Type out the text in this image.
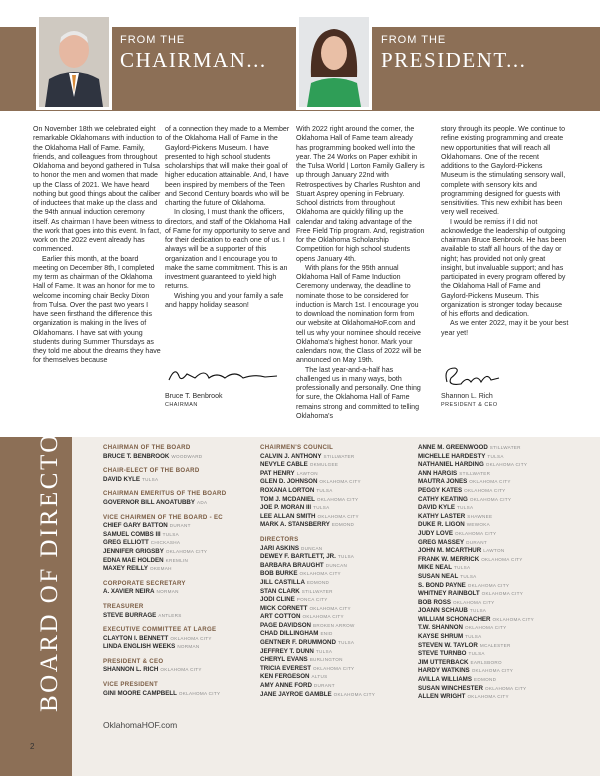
FROM THE
CHAIRMAN...
FROM THE
PRESIDENT...

On November 18th we celebrated eight remarkable Oklahomans with induction to the Oklahoma Hall of Fame. Family, friends, and colleagues from throughout Oklahoma and beyond gathered in Tulsa to honor the men and women that made up the Class of 2021. We have heard nothing but good things about the caliber of inductees that make up the class and the 94th annual induction ceremony itself. As chairman I have been witness to the work that goes into this event. In fact, work on the 2022 event already has commenced.

Earlier this month, at the board meeting on December 8th, I completed my term as chairman of the Oklahoma Hall of Fame. It was an honor for me to welcome incoming chair Becky Dixon from Tulsa. Over the past two years I have seen firsthand the difference this organization is making in the lives of Oklahomans. I have sat with young students during Summer Thursdays as they told me about the dreams they have for themselves because

of a connection they made to a Member of the Oklahoma Hall of Fame in the Gaylord-Pickens Museum. I have presented to high school students scholarships that will make their goal of higher education attainable. And, I have been inspired by members of the Teen and Second Century boards who will be charting the future of Oklahoma.

In closing, I must thank the officers, directors, and staff of the Oklahoma Hall of Fame for my opportunity to serve and for their dedication to each one of us. I always will be a supporter of this organization and I encourage you to make the same commitment. This is an investment guaranteed to yield high returns.

Wishing you and your family a safe and happy holiday season!

With 2022 right around the corner, the Oklahoma Hall of Fame team already has programming booked well into the year. The 24 Works on Paper exhibit in the Tulsa World | Lorton Family Gallery is up through January 22nd with Retrospectives by Charles Rushton and Stuart Asprey opening in February. School districts from throughout Oklahoma are quickly filling up the calendar and taking advantage of the Free Field Trip program. And, registration for the Oklahoma Scholarship Competition for high school students opens January 4th.

With plans for the 95th annual Oklahoma Hall of Fame Induction Ceremony underway, the deadline to nominate those to be considered for induction is March 1st. I encourage you to download the nomination form from our website at OklahomaHoF.com and tell us why your nominee should receive Oklahoma's highest honor. Mark your calendars now, the Class of 2022 will be announced on May 19th.

The last year-and-a-half has challenged us in many ways, both professionally and personally. One thing for sure, the Oklahoma Hall of Fame remains strong and committed to telling Oklahoma's

story through its people. We continue to refine existing programming and create new opportunities that will reach all Oklahomans. One of the recent additions to the Gaylord-Pickens Museum is the stimulating sensory wall, complete with sensory kits and programming designed for guests with sensitivities. This new exhibit has been very well received.

I would be remiss if I did not acknowledge the leadership of outgoing chairman Bruce Benbrook. He has been available to staff all hours of the day or night; has provided not only great insight, but invaluable support; and has participated in every program offered by the Oklahoma Hall of Fame and Gaylord-Pickens Museum. This organization is stronger today because of his efforts and dedication.

As we enter 2022, may it be your best year yet!

Bruce T. Benbrook
CHAIRMAN
Shannon L. Rich
PRESIDENT & CEO
BOARD OF DIRECTORS	CHAIRMAN OF THE BOARD
BRUCE T. BENBROOK WOODWARD
CHAIR-ELECT OF THE BOARD
DAVID KYLE TULSA
CHAIRMAN EMERITUS OF THE BOARD
GOVERNOR BILL ANOATUBBY ADA
VICE CHAIRMEN OF THE BOARD - EC
CHIEF GARY BATTON DURANT
SAMUEL COMBS III TULSA
GREG ELLIOTT CHICKASHA
JENNIFER GRIGSBY OKLAHOMA CITY
EDNA MAE HOLDEN KREMLIN
MAXEY REILLY OKEMAH
CORPORATE SECRETARY
A. XAVIER NEIRA NORMAN
TREASURER
STEVE BURRAGE ANTLERS
EXECUTIVE COMMITTEE AT LARGE
CLAYTON I. BENNETT OKLAHOMA CITY
LINDA ENGLISH WEEKS NORMAN
PRESIDENT & CEO
SHANNON L. RICH OKLAHOMA CITY
VICE PRESIDENT
GINI MOORE CAMPBELL OKLAHOMA CITY
CHAIRMEN'S COUNCIL
CALVIN J. ANTHONY STILLWATER
NEVYLE CABLE OKMULGEE
PAT HENRY LAWTON
GLEN D. JOHNSON OKLAHOMA CITY
ROXANA LORTON TULSA
TOM J. MCDANIEL OKLAHOMA CITY
JOE P. MORAN III TULSA
LEE ALLAN SMITH OKLAHOMA CITY
MARK A. STANSBERRY EDMOND
DIRECTORS
JARI ASKINS DUNCAN
DEWEY F. BARTLETT, JR. TULSA
BARBARA BRAUGHT DUNCAN
BOB BURKE OKLAHOMA CITY
JILL CASTILLA EDMOND
STAN CLARK STILLWATER
JODI CLINE PONCA CITY
MICK CORNETT OKLAHOMA CITY
ART COTTON OKLAHOMA CITY
PAGE DAVIDSON BROKEN ARROW
CHAD DILLINGHAM ENID
GENTNER F. DRUMMOND TULSA
JEFFREY T. DUNN TULSA
CHERYL EVANS BURLINGTON
TRICIA EVEREST OKLAHOMA CITY
KEN FERGESON ALTUS
AMY ANNE FORD DURANT
JANE JAYROE GAMBLE OKLAHOMA CITY
ANNE M. GREENWOOD STILLWATER
MICHELLE HARDESTY TULSA
NATHANIEL HARDING OKLAHOMA CITY
ANN HARGIS STILLWATER
MAUTRA JONES OKLAHOMA CITY
PEGGY KATES OKLAHOMA CITY
CATHY KEATING OKLAHOMA CITY
DAVID KYLE TULSA
KATHY LASTER SHAWNEE
DUKE R. LIGON WEWOKA
JUDY LOVE OKLAHOMA CITY
GREG MASSEY DURANT
JOHN M. MCARTHUR LAWTON
FRANK W. MERRICK OKLAHOMA CITY
MIKE NEAL TULSA
SUSAN NEAL TULSA
S. BOND PAYNE OKLAHOMA CITY
WHITNEY RAINBOLT OKLAHOMA CITY
BOB ROSS OKLAHOMA CITY
JOANN SCHAUB TULSA
WILLIAM SCHONACHER OKLAHOMA CITY
T.W. SHANNON OKLAHOMA CITY
KAYSE SHRUM TULSA
STEVEN W. TAYLOR MCALESTER
STEVE TURNBO TULSA
JIM UTTERBACK EARLSBORO
HARDY WATKINS OKLAHOMA CITY
AVILLA WILLIAMS EDMOND
SUSAN WINCHESTER OKLAHOMA CITY
ALLEN WRIGHT OKLAHOMA CITY
OklahomaHOF.com
2
